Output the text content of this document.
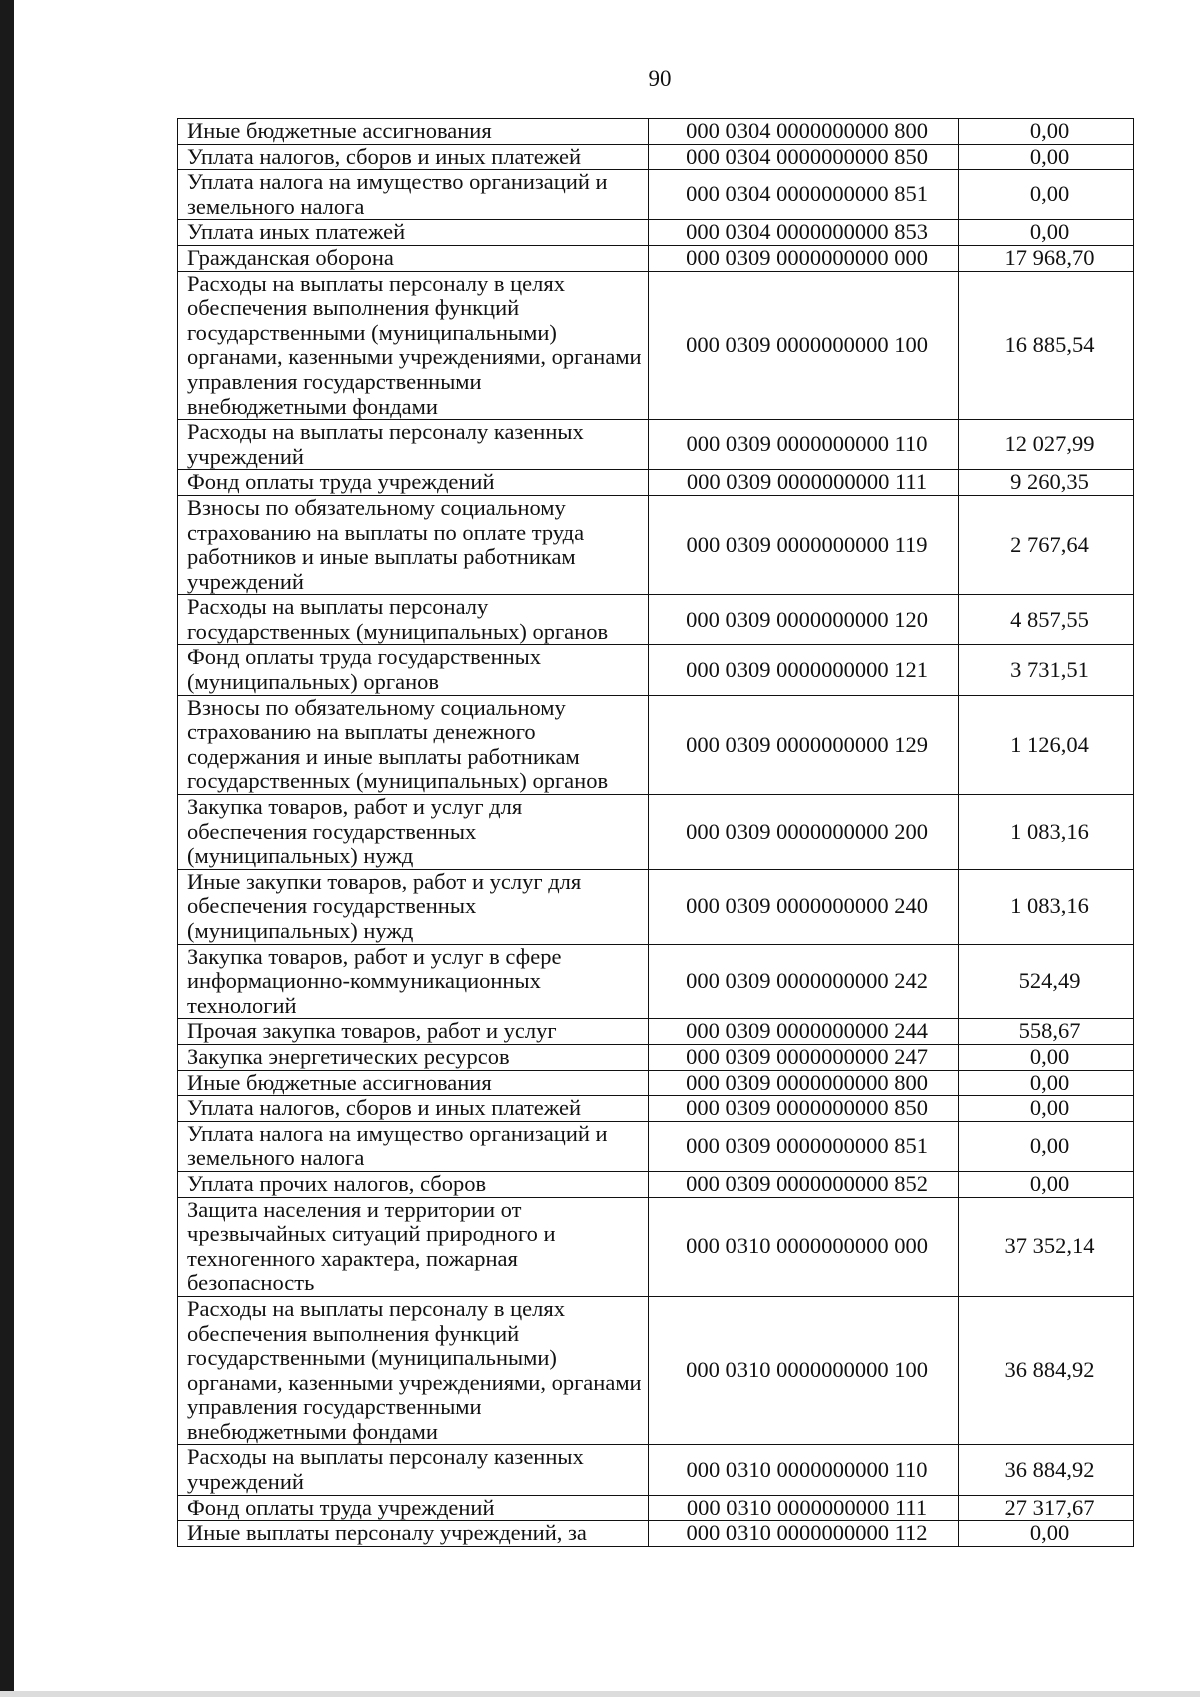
90
Иные бюджетные ассигнования	000 0304 0000000000 800	0,00
Уплата налогов, сборов и иных платежей	000 0304 0000000000 850	0,00
Уплата налога на имущество организаций и земельного налога	000 0304 0000000000 851	0,00
Уплата иных платежей	000 0304 0000000000 853	0,00
Гражданская оборона	000 0309 0000000000 000	17 968,70
Расходы на выплаты персоналу в целях обеспечения выполнения функций государственными (муниципальными) органами, казенными учреждениями, органами управления государственными внебюджетными фондами	000 0309 0000000000 100	16 885,54
Расходы на выплаты персоналу казенных учреждений	000 0309 0000000000 110	12 027,99
Фонд оплаты труда учреждений	000 0309 0000000000 111	9 260,35
Взносы по обязательному социальному страхованию на выплаты по оплате труда работников и иные выплаты работникам учреждений	000 0309 0000000000 119	2 767,64
Расходы на выплаты персоналу государственных (муниципальных) органов	000 0309 0000000000 120	4 857,55
Фонд оплаты труда государственных (муниципальных) органов	000 0309 0000000000 121	3 731,51
Взносы по обязательному социальному страхованию на выплаты денежного содержания и иные выплаты работникам государственных (муниципальных) органов	000 0309 0000000000 129	1 126,04
Закупка товаров, работ и услуг для обеспечения государственных (муниципальных) нужд	000 0309 0000000000 200	1 083,16
Иные закупки товаров, работ и услуг для обеспечения государственных (муниципальных) нужд	000 0309 0000000000 240	1 083,16
Закупка товаров, работ и услуг в сфере информационно-коммуникационных технологий	000 0309 0000000000 242	524,49
Прочая закупка товаров, работ и услуг	000 0309 0000000000 244	558,67
Закупка энергетических ресурсов	000 0309 0000000000 247	0,00
Иные бюджетные ассигнования	000 0309 0000000000 800	0,00
Уплата налогов, сборов и иных платежей	000 0309 0000000000 850	0,00
Уплата налога на имущество организаций и земельного налога	000 0309 0000000000 851	0,00
Уплата прочих налогов, сборов	000 0309 0000000000 852	0,00
Защита населения и территории от чрезвычайных ситуаций природного и техногенного характера, пожарная безопасность	000 0310 0000000000 000	37 352,14
Расходы на выплаты персоналу в целях обеспечения выполнения функций государственными (муниципальными) органами, казенными учреждениями, органами управления государственными внебюджетными фондами	000 0310 0000000000 100	36 884,92
Расходы на выплаты персоналу казенных учреждений	000 0310 0000000000 110	36 884,92
Фонд оплаты труда учреждений	000 0310 0000000000 111	27 317,67
Иные выплаты персоналу учреждений, за	000 0310 0000000000 112	0,00
